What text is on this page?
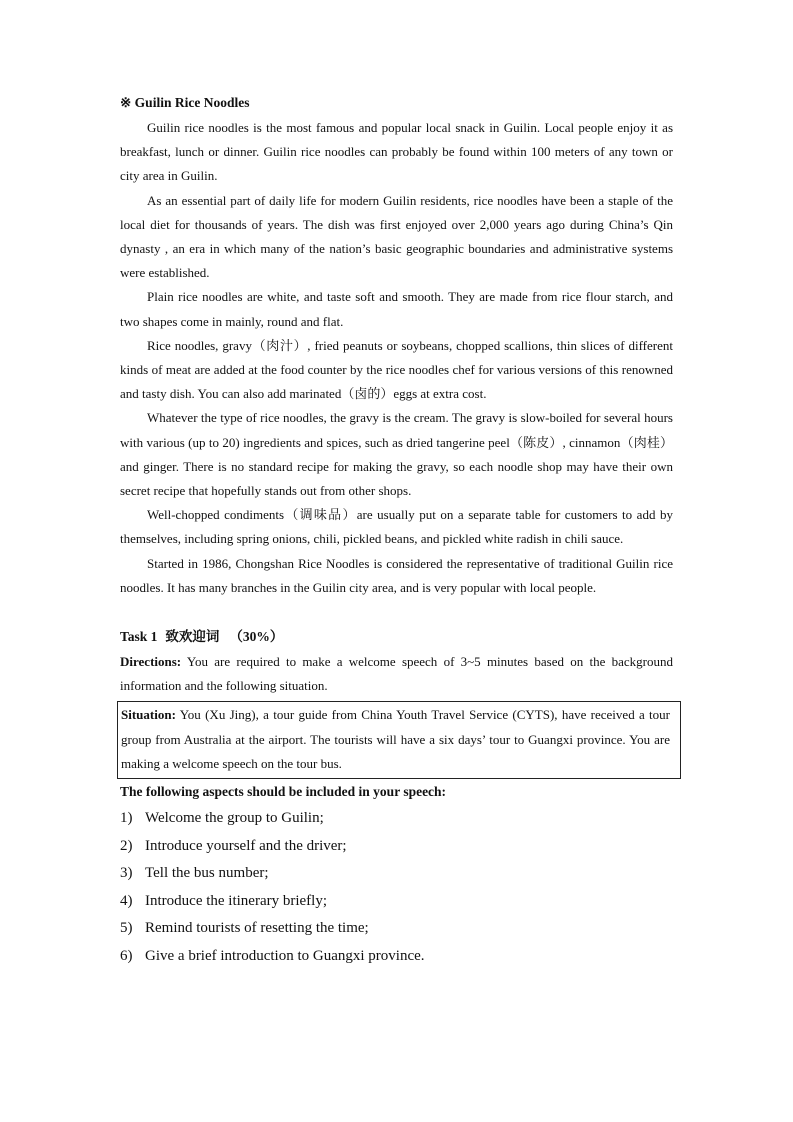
※ Guilin Rice Noodles

Guilin rice noodles is the most famous and popular local snack in Guilin. Local people enjoy it as breakfast, lunch or dinner. Guilin rice noodles can probably be found within 100 meters of any town or city area in Guilin.

As an essential part of daily life for modern Guilin residents, rice noodles have been a staple of the local diet for thousands of years. The dish was first enjoyed over 2,000 years ago during China’s Qin dynasty , an era in which many of the nation’s basic geographic boundaries and administrative systems were established.

Plain rice noodles are white, and taste soft and smooth. They are made from rice flour starch, and two shapes come in mainly, round and flat.

Rice noodles, gravy（肉汁）, fried peanuts or soybeans, chopped scallions, thin slices of different kinds of meat are added at the food counter by the rice noodles chef for various versions of this renowned and tasty dish. You can also add marinated（卤的）eggs at extra cost.

Whatever the type of rice noodles, the gravy is the cream. The gravy is slow-boiled for several hours with various (up to 20) ingredients and spices, such as dried tangerine peel（陈皮）, cinnamon（肉桂）and ginger. There is no standard recipe for making the gravy, so each noodle shop may have their own secret recipe that hopefully stands out from other shops.

Well-chopped condiments（调味品）are usually put on a separate table for customers to add by themselves, including spring onions, chili, pickled beans, and pickled white radish in chili sauce.

Started in 1986, Chongshan Rice Noodles is considered the representative of traditional Guilin rice noodles. It has many branches in the Guilin city area, and is very popular with local people.

Task 1 致欢迎词 （30%）

Directions: You are required to make a welcome speech of 3~5 minutes based on the background information and the following situation.

Situation: You (Xu Jing), a tour guide from China Youth Travel Service (CYTS), have received a tour group from Australia at the airport. The tourists will have a six days’ tour to Guangxi province. You are making a welcome speech on the tour bus.

The following aspects should be included in your speech:
1) Welcome the group to Guilin;
2) Introduce yourself and the driver;
3) Tell the bus number;
4) Introduce the itinerary briefly;
5) Remind tourists of resetting the time;
6) Give a brief introduction to Guangxi province.
